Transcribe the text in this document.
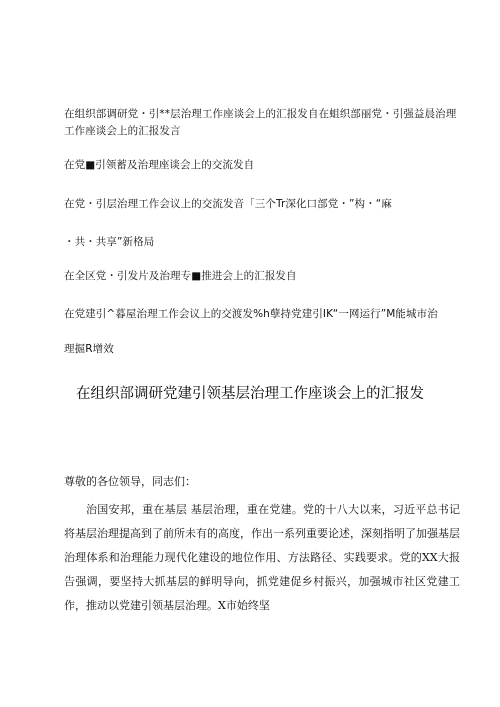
在组织部调研党・引**层治理工作座谈会上的汇报发自在蛆织部丽党・引强益晨治理工作座谈会上的汇报发言
在党■引领蓄及治理座谈会上的交流发自
在党・引层治理工作会议上的交流发音「三个Tr深化口部党・”构・“麻
・共・共享”新格局
在全区党・引发片及治理专■推进会上的汇报发自
在党建引^暮屋治理工作会议上的交渡发%h孽持党建引IK“一网运行”M能城市治
理掘R增效
在组织部调研党建引领基层治理工作座谈会上的汇报发
尊敬的各位领导，同志们：
治国安邦，重在基层 基层治理，重在党建。党的十八大以来，习近平总书记将基层治理提高到了前所未有的高度，作出一系列重要论述，深刻指明了加强基层治理体系和治理能力现代化建设的地位作用、方法路径、实践要求。党的XX大报告强调，要坚持大抓基层的鲜明导向，抓党建促乡村振兴，加强城市社区党建工作，推动以党建引领基层治理。X市始终坚
